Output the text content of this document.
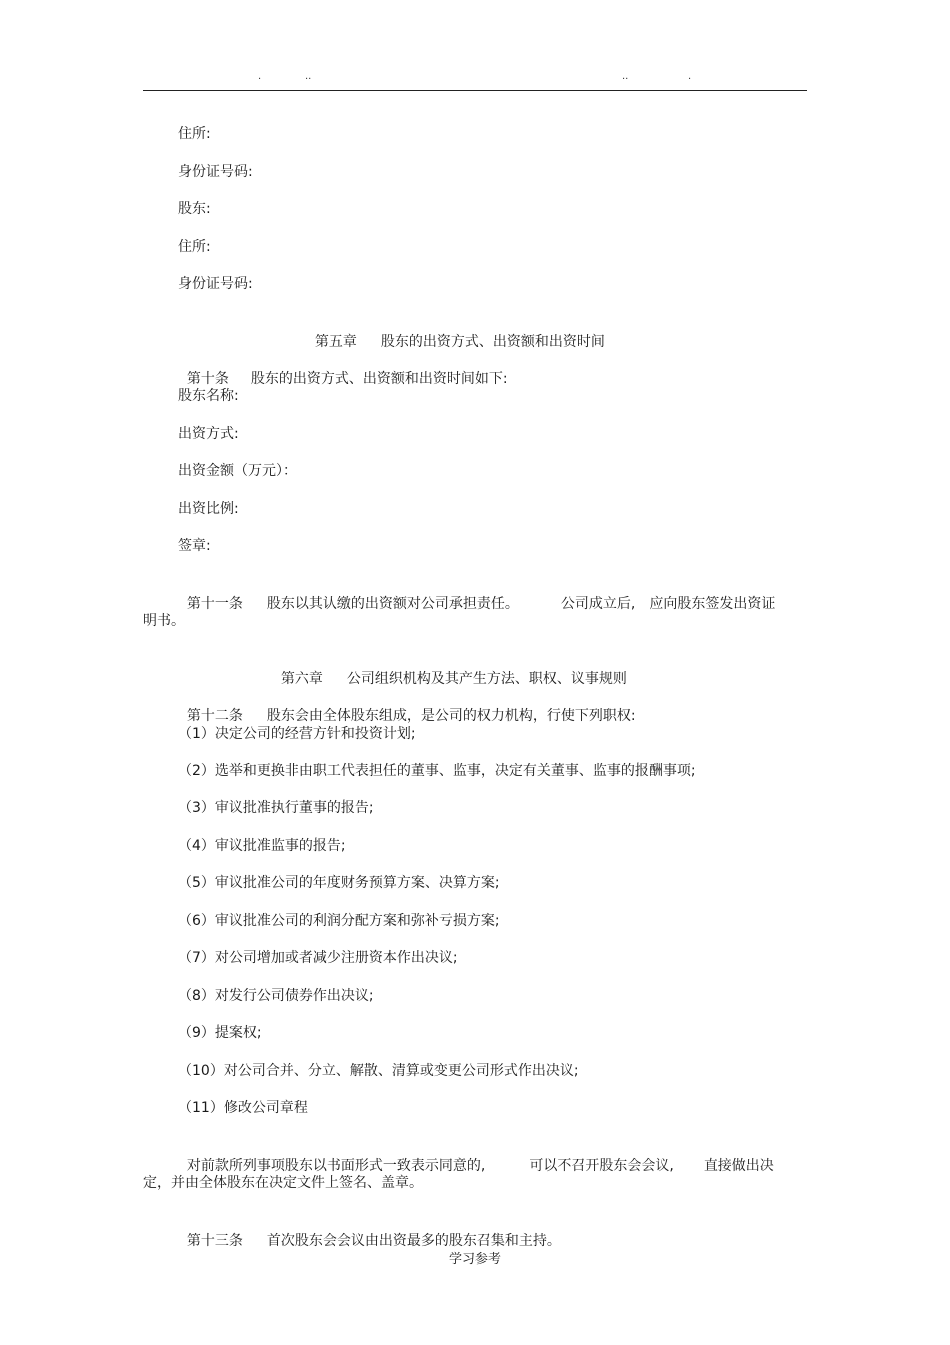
.	..	..	.
住所:
身份证号码:
股东:
住所:
身份证号码:

第五章 股东的出资方式、出资额和出资时间

第十条 股东的出资方式、出资额和出资时间如下:

股东名称:
出资方式:
出资金额（万元）：
出资比例:
签章:

第十一条 股东以其认缴的出资额对公司承担责任。	公司成立后, 应向股东签发出资证

明书。

第六章 公司组织机构及其产生方法、职权、议事规则

第十二条 股东会由全体股东组成，是公司的权力机构，行使下列职权:

（1）决定公司的经营方针和投资计划;
（2）选举和更换非由职工代表担任的董事、监事，决定有关董事、监事的报酬事项;
（3）审议批准执行董事的报告;
（4）审议批准监事的报告;
（5）审议批准公司的年度财务预算方案、决算方案;
（6）审议批准公司的利润分配方案和弥补亏损方案;
（7）对公司增加或者减少注册资本作出决议;
（8）对发行公司债券作出决议;
（9）提案权;
（10）对公司合并、分立、解散、清算或变更公司形式作出决议;
（11）修改公司章程

对前款所列事项股东以书面形式一致表示同意的,	可以不召开股东会会议, 直接做出决

定，并由全体股东在决定文件上签名、盖章。

第十三条 首次股东会会议由出资最多的股东召集和主持。

学习参考
